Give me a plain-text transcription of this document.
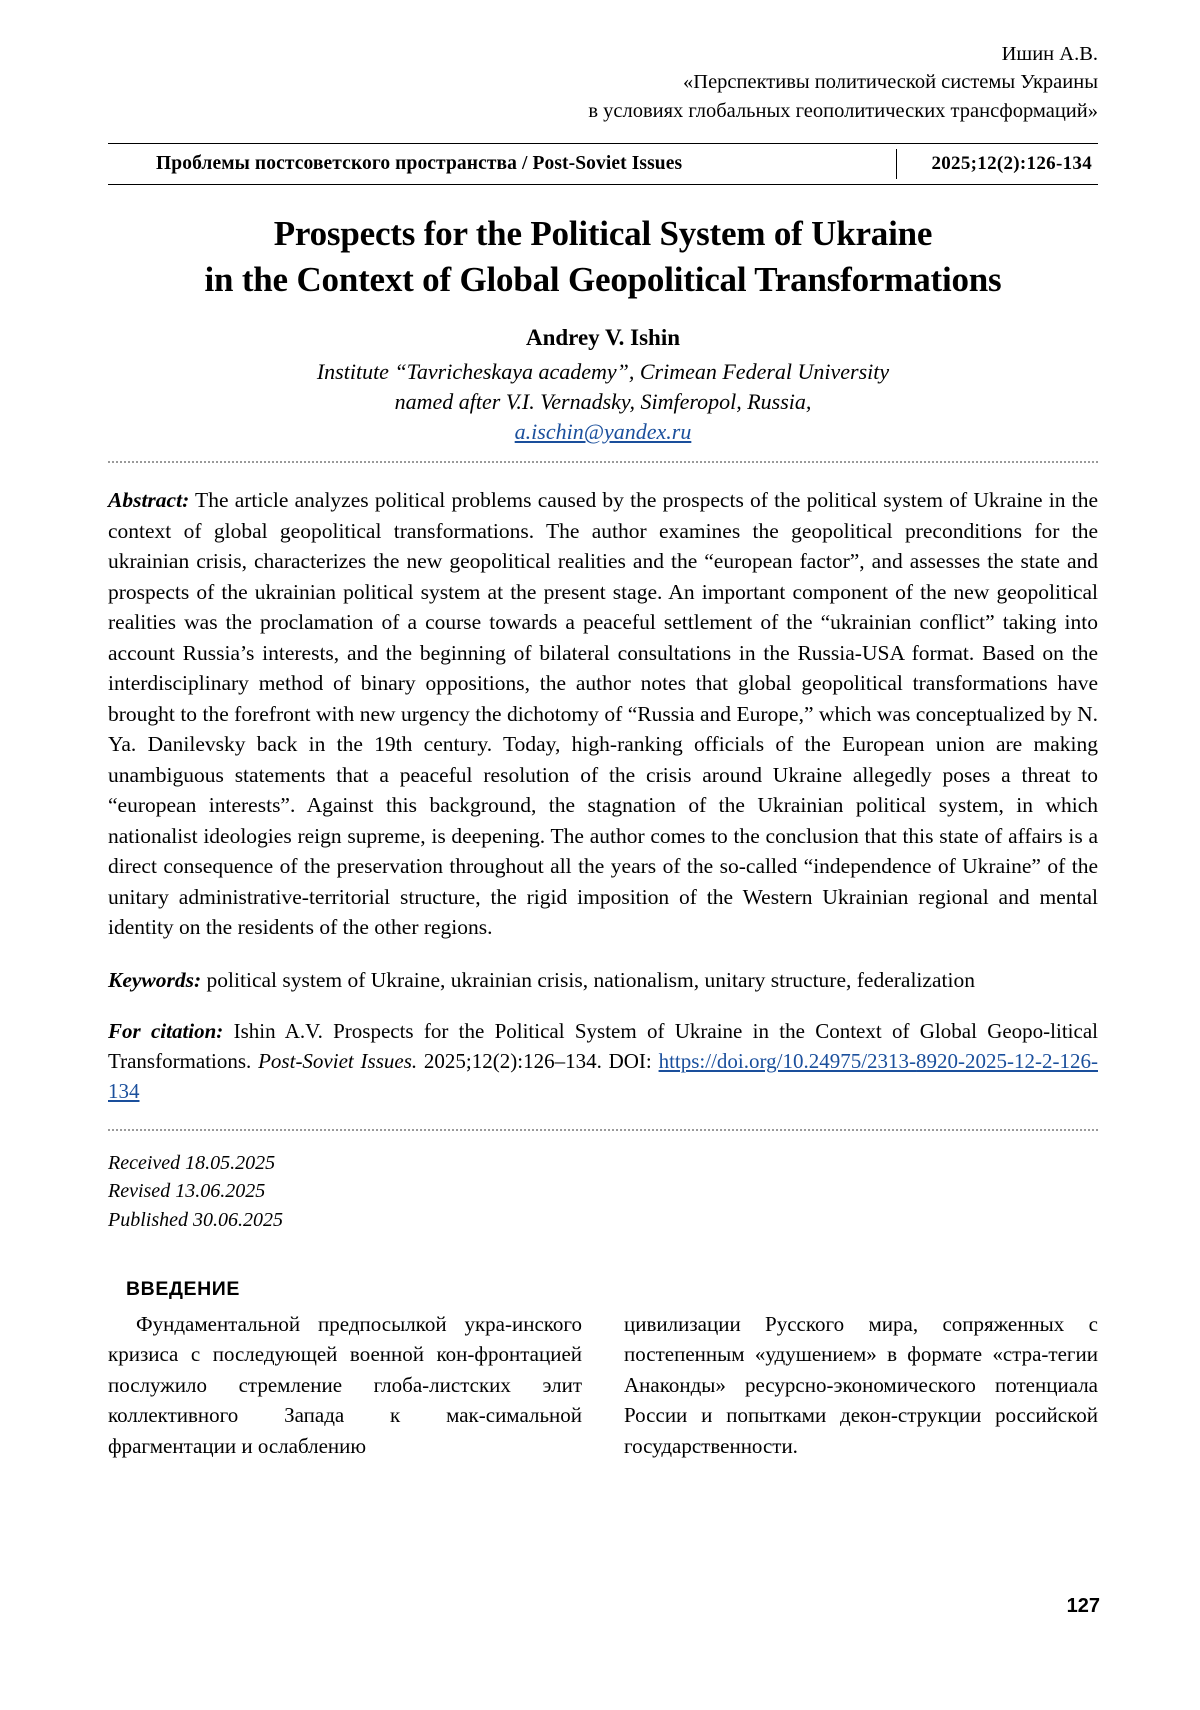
Ишин А.В.
«Перспективы политической системы Украины
в условиях глобальных геополитических трансформаций»
Проблемы постсоветского пространства / Post-Soviet Issues	2025;12(2):126-134
Prospects for the Political System of Ukraine
in the Context of Global Geopolitical Transformations
Andrey V. Ishin
Institute “Tavricheskaya academy”, Crimean Federal University
named after V.I. Vernadsky, Simferopol, Russia,
a.ischin@yandex.ru
Abstract: The article analyzes political problems caused by the prospects of the political system of Ukraine in the context of global geopolitical transformations. The author examines the geopolitical preconditions for the ukrainian crisis, characterizes the new geopolitical realities and the “european factor”, and assesses the state and prospects of the ukrainian political system at the present stage. An important component of the new geopolitical realities was the proclamation of a course towards a peaceful settlement of the “ukrainian conflict” taking into account Russia’s interests, and the beginning of bilateral consultations in the Russia-USA format. Based on the interdisciplinary method of binary oppositions, the author notes that global geopolitical transformations have brought to the forefront with new urgency the dichotomy of “Russia and Europe,” which was conceptualized by N. Ya. Danilevsky back in the 19th century. Today, high-ranking officials of the European union are making unambiguous statements that a peaceful resolution of the crisis around Ukraine allegedly poses a threat to “european interests”. Against this background, the stagnation of the Ukrainian political system, in which nationalist ideologies reign supreme, is deepening. The author comes to the conclusion that this state of affairs is a direct consequence of the preservation throughout all the years of the so-called “independence of Ukraine” of the unitary administrative-territorial structure, the rigid imposition of the Western Ukrainian regional and mental identity on the residents of the other regions.
Keywords: political system of Ukraine, ukrainian crisis, nationalism, unitary structure, federalization
For citation: Ishin A.V. Prospects for the Political System of Ukraine in the Context of Global Geopo-litical Transformations. Post-Soviet Issues. 2025;12(2):126–134. DOI: https://doi.org/10.24975/2313-8920-2025-12-2-126-134
Received 18.05.2025
Revised 13.06.2025
Published 30.06.2025
ВВЕДЕНИЕ

Фундаментальной предпосылкой укра-инского кризиса с последующей военной кон-фронтацией послужило стремление глоба-листских элит коллективного Запада к мак-симальной фрагментации и ослаблению

цивилизации Русского мира, сопряженных с постепенным «удушением» в формате «стра-тегии Анаконды» ресурсно-экономического потенциала России и попытками декон-струкции российской государственности.

127
